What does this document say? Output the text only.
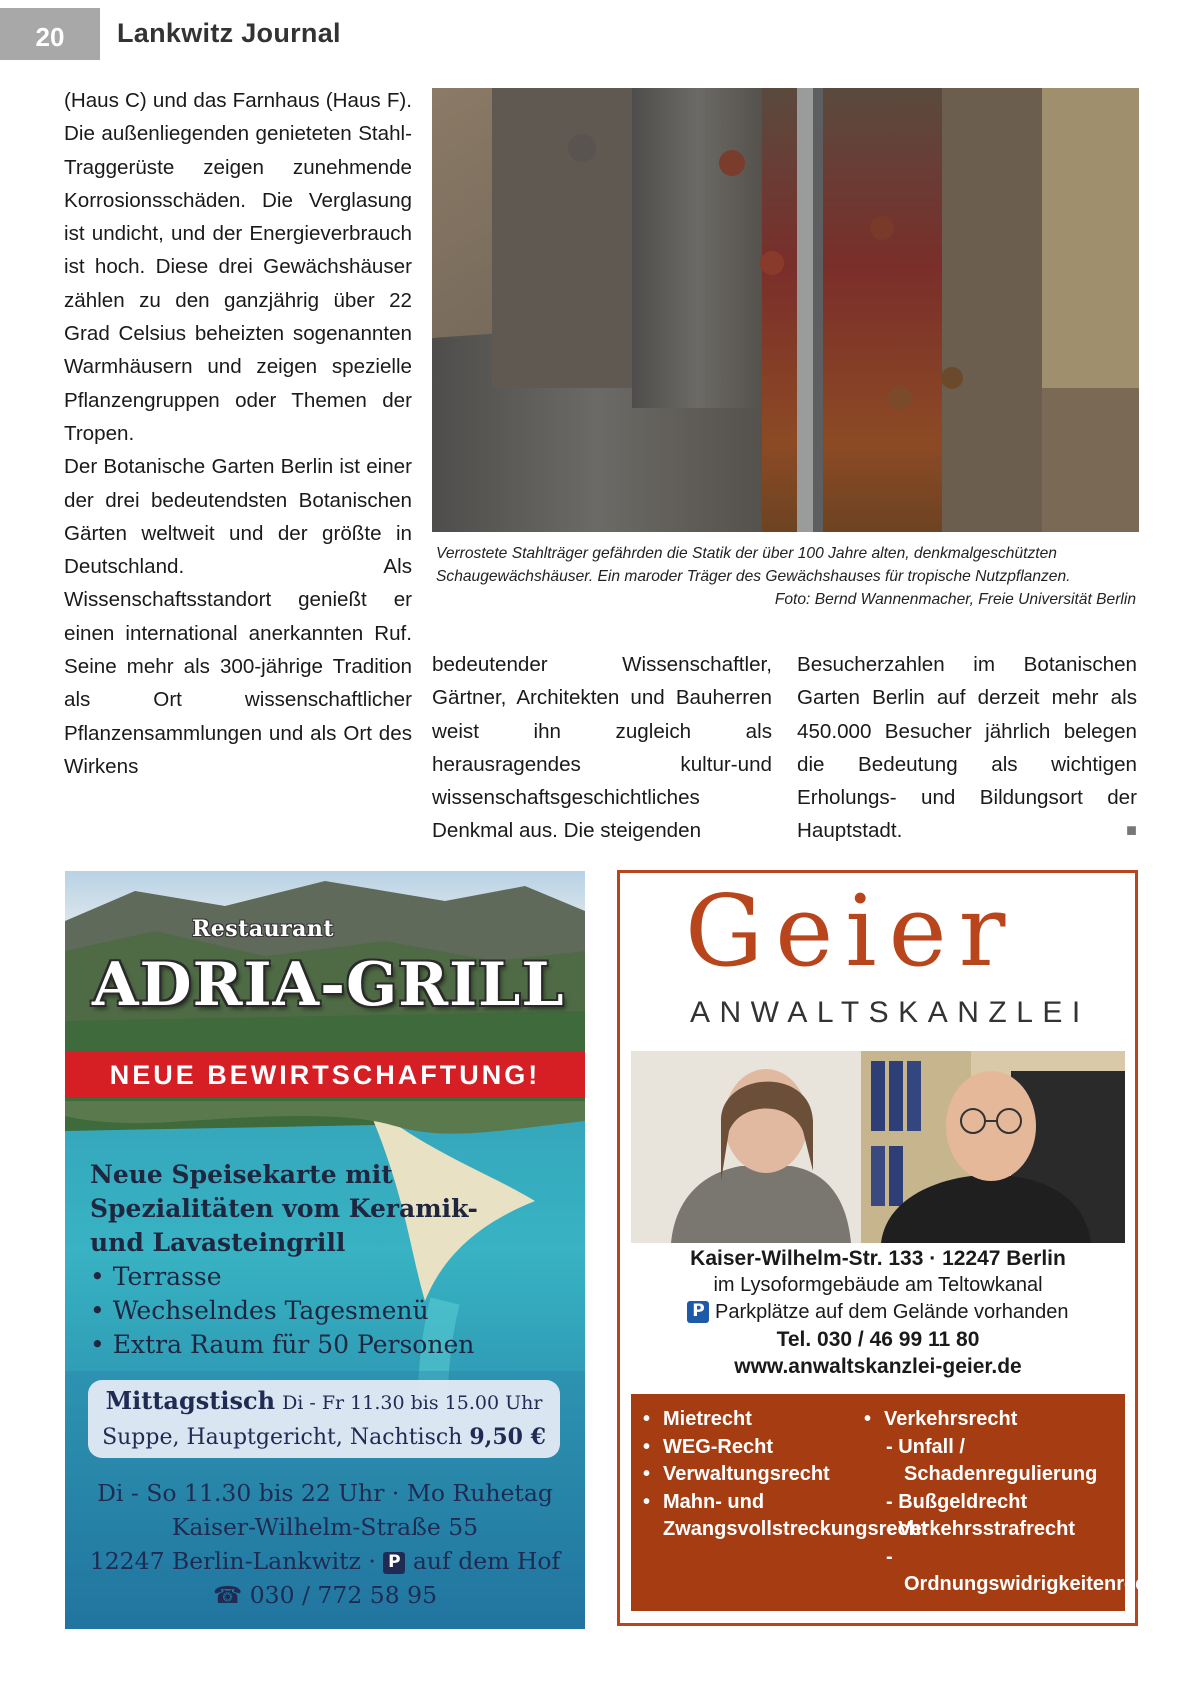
20	Lankwitz Journal

(Haus C) und das Farnhaus (Haus F). Die außenliegenden genieteten Stahl-Traggerüste zeigen zunehmende Korrosionsschäden. Die Verglasung ist undicht, und der Energieverbrauch ist hoch. Diese drei Gewächshäuser zählen zu den ganzjährig über 22 Grad Celsius beheizten sogenannten Warmhäusern und zeigen spezielle Pflanzengruppen oder Themen der Tropen.

Der Botanische Garten Berlin ist einer der drei bedeutendsten Botanischen Gärten weltweit und der größte in Deutschland. Als Wissenschaftsstandort genießt er einen international anerkannten Ruf. Seine mehr als 300-jährige Tradition als Ort wissenschaftlicher Pflanzensammlungen und als Ort des Wirkens

Verrostete Stahlträger gefährden die Statik der über 100 Jahre alten, denkmalgeschützten Schaugewächshäuser. Ein maroder Träger des Gewächshauses für tropische Nutzpflanzen.
Foto: Bernd Wannenmacher, Freie Universität Berlin

bedeutender Wissenschaftler, Gärtner, Architekten und Bauherren weist ihn zugleich als herausragendes kultur-und wissenschaftsgeschichtliches Denkmal aus. Die steigenden

Besucherzahlen im Botanischen Garten Berlin auf derzeit mehr als 450.000 Besucher jährlich belegen die Bedeutung als wichtigen Erholungs- und Bildungsort der Hauptstadt.	■

Restaurant
ADRIA-GRILL
NEUE BEWIRTSCHAFTUNG!
Neue Speisekarte mit
Spezialitäten vom Keramik-
und Lavasteingrill
• Terrasse
• Wechselndes Tagesmenü
• Extra Raum für 50 Personen
Mittagstisch Di - Fr 11.30 bis 15.00 Uhr
Suppe, Hauptgericht, Nachtisch 9,50 €
Di - So 11.30 bis 22 Uhr · Mo Ruhetag
Kaiser-Wilhelm-Straße 55
12247 Berlin-Lankwitz · P auf dem Hof
☎ 030 / 772 58 95
Geier
ANWALTSKANZLEI
Kaiser-Wilhelm-Str. 133 · 12247 Berlin
im Lysoformgebäude am Teltowkanal
P Parkplätze auf dem Gelände vorhanden
Tel. 030 / 46 99 11 80
www.anwaltskanzlei-geier.de
• Mietrecht
• WEG-Recht
• Verwaltungsrecht
• Mahn- und Zwangsvollstreckungsrecht
• Verkehrsrecht
- Unfall / Schadenregulierung
- Bußgeldrecht
- Verkehrsstrafrecht
- Ordnungswidrigkeitenrecht
